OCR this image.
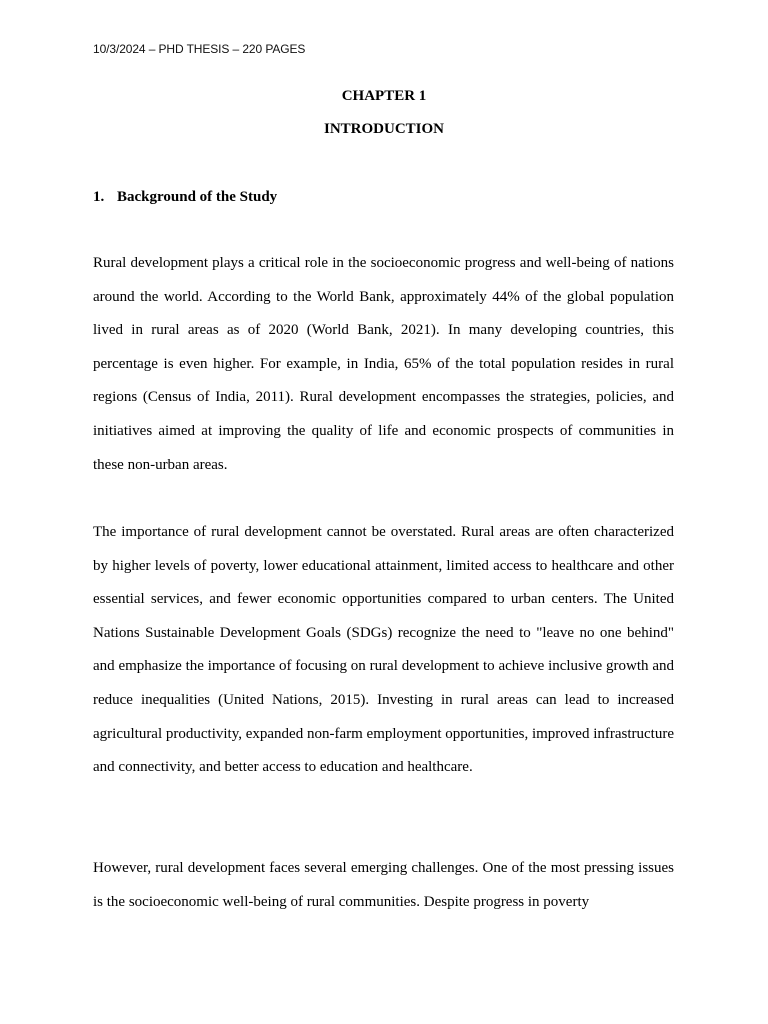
10/3/2024 – PHD THESIS – 220 PAGES
CHAPTER 1
INTRODUCTION
1. Background of the Study

Rural development plays a critical role in the socioeconomic progress and well-being of nations around the world. According to the World Bank, approximately 44% of the global population lived in rural areas as of 2020 (World Bank, 2021). In many developing countries, this percentage is even higher. For example, in India, 65% of the total population resides in rural regions (Census of India, 2011). Rural development encompasses the strategies, policies, and initiatives aimed at improving the quality of life and economic prospects of communities in these non-urban areas.

The importance of rural development cannot be overstated. Rural areas are often characterized by higher levels of poverty, lower educational attainment, limited access to healthcare and other essential services, and fewer economic opportunities compared to urban centers. The United Nations Sustainable Development Goals (SDGs) recognize the need to "leave no one behind" and emphasize the importance of focusing on rural development to achieve inclusive growth and reduce inequalities (United Nations, 2015). Investing in rural areas can lead to increased agricultural productivity, expanded non-farm employment opportunities, improved infrastructure and connectivity, and better access to education and healthcare.

However, rural development faces several emerging challenges. One of the most pressing issues is the socioeconomic well-being of rural communities. Despite progress in poverty
